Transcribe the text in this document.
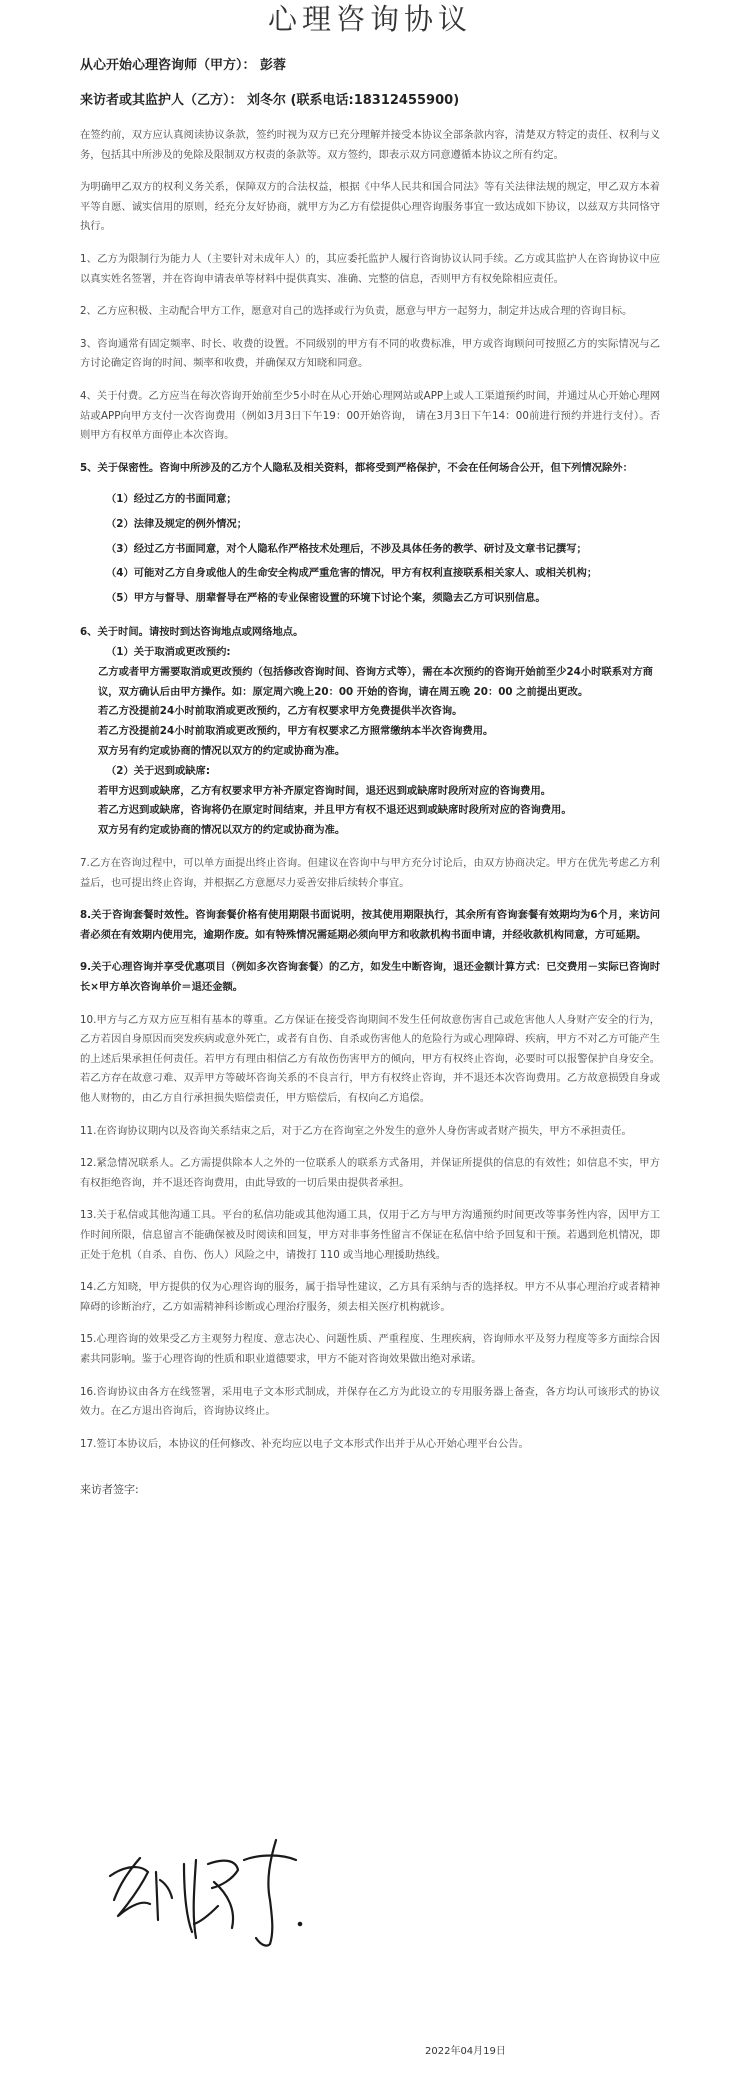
心理咨询协议
从心开始心理咨询师（甲方）： 彭蓉
来访者或其监护人（乙方）： 刘冬尔 (联系电话:18312455900)

在签约前，双方应认真阅读协议条款，签约时视为双方已充分理解并接受本协议全部条款内容，清楚双方特定的责任、权利与义务，包括其中所涉及的免除及限制双方权责的条款等。双方签约，即表示双方同意遵循本协议之所有约定。

为明确甲乙双方的权利义务关系，保障双方的合法权益，根据《中华人民共和国合同法》等有关法律法规的规定，甲乙双方本着平等自愿、诚实信用的原则，经充分友好协商，就甲方为乙方有偿提供心理咨询服务事宜一致达成如下协议，以兹双方共同恪守执行。

1、乙方为限制行为能力人（主要针对未成年人）的，其应委托监护人履行咨询协议认同手续。乙方或其监护人在咨询协议中应以真实姓名签署，并在咨询申请表单等材料中提供真实、准确、完整的信息，否则甲方有权免除相应责任。

2、乙方应积极、主动配合甲方工作，愿意对自己的选择或行为负责，愿意与甲方一起努力，制定并达成合理的咨询目标。

3、咨询通常有固定频率、时长、收费的设置。不同级别的甲方有不同的收费标准，甲方或咨询顾问可按照乙方的实际情况与乙方讨论确定咨询的时间、频率和收费，并确保双方知晓和同意。

4、关于付费。乙方应当在每次咨询开始前至少5小时在从心开始心理网站或APP上或人工渠道预约时间，并通过从心开始心理网站或APP向甲方支付一次咨询费用（例如3月3日下午19：00开始咨询， 请在3月3日下午14：00前进行预约并进行支付）。否则甲方有权单方面停止本次咨询。

5、关于保密性。咨询中所涉及的乙方个人隐私及相关资料，都将受到严格保护，不会在任何场合公开，但下列情况除外：

（1）经过乙方的书面同意；
（2）法律及规定的例外情况；
（3）经过乙方书面同意，对个人隐私作严格技术处理后，不涉及具体任务的教学、研讨及文章书记撰写；
（4）可能对乙方自身或他人的生命安全构成严重危害的情况，甲方有权利直接联系相关家人、或相关机构；
（5）甲方与督导、朋辈督导在严格的专业保密设置的环境下讨论个案，须隐去乙方可识别信息。
6、关于时间。请按时到达咨询地点或网络地点。
（1）关于取消或更改预约:
乙方或者甲方需要取消或更改预约（包括修改咨询时间、咨询方式等），需在本次预约的咨询开始前至少24小时联系对方商议，双方确认后由甲方操作。如：原定周六晚上20：00 开始的咨询，请在周五晚 20：00 之前提出更改。
若乙方没提前24小时前取消或更改预约，乙方有权要求甲方免费提供半次咨询。
若乙方没提前24小时前取消或更改预约，甲方有权要求乙方照常缴纳本半次咨询费用。
双方另有约定或协商的情况以双方的约定或协商为准。
（2）关于迟到或缺席:
若甲方迟到或缺席，乙方有权要求甲方补齐原定咨询时间，退还迟到或缺席时段所对应的咨询费用。
若乙方迟到或缺席，咨询将仍在原定时间结束，并且甲方有权不退还迟到或缺席时段所对应的咨询费用。
双方另有约定或协商的情况以双方的约定或协商为准。

7.乙方在咨询过程中，可以单方面提出终止咨询。但建议在咨询中与甲方充分讨论后，由双方协商决定。甲方在优先考虑乙方利益后，也可提出终止咨询，并根据乙方意愿尽力妥善安排后续转介事宜。

8.关于咨询套餐时效性。咨询套餐价格有使用期限书面说明，按其使用期限执行，其余所有咨询套餐有效期均为6个月，来访问者必须在有效期内使用完，逾期作废。如有特殊情况需延期必须向甲方和收款机构书面申请，并经收款机构同意，方可延期。

9.关于心理咨询并享受优惠项目（例如多次咨询套餐）的乙方，如发生中断咨询，退还金额计算方式：已交费用－实际已咨询时长×甲方单次咨询单价＝退还金额。

10.甲方与乙方双方应互相有基本的尊重。乙方保证在接受咨询期间不发生任何故意伤害自己或危害他人人身财产安全的行为，乙方若因自身原因而突发疾病或意外死亡，或者有自伤、自杀或伤害他人的危险行为或心理障碍、疾病，甲方不对乙方可能产生的上述后果承担任何责任。若甲方有理由相信乙方有故伤伤害甲方的倾向，甲方有权终止咨询，必要时可以报警保护自身安全。若乙方存在故意刁难、双弄甲方等破坏咨询关系的不良言行，甲方有权终止咨询，并不退还本次咨询费用。乙方故意损毁自身或他人财物的，由乙方自行承担损失赔偿责任，甲方赔偿后，有权向乙方追偿。

11.在咨询协议期内以及咨询关系结束之后，对于乙方在咨询室之外发生的意外人身伤害或者财产损失，甲方不承担责任。

12.紧急情况联系人。乙方需提供除本人之外的一位联系人的联系方式备用，并保证所提供的信息的有效性；如信息不实，甲方有权拒绝咨询，并不退还咨询费用，由此导致的一切后果由提供者承担。

13.关于私信或其他沟通工具。平台的私信功能或其他沟通工具，仅用于乙方与甲方沟通预约时间更改等事务性内容，因甲方工作时间所限，信息留言不能确保被及时阅读和回复，甲方对非事务性留言不保证在私信中给予回复和干预。若遇到危机情况，即正处于危机（自杀、自伤、伤人）风险之中，请拨打 110 或当地心理援助热线。

14.乙方知晓，甲方提供的仅为心理咨询的服务，属于指导性建议，乙方具有采纳与否的选择权。甲方不从事心理治疗或者精神障碍的诊断治疗，乙方如需精神科诊断或心理治疗服务，须去相关医疗机构就诊。

15.心理咨询的效果受乙方主观努力程度、意志决心、问题性质、严重程度、生理疾病，咨询师水平及努力程度等多方面综合因素共同影响。鉴于心理咨询的性质和职业道德要求，甲方不能对咨询效果做出绝对承诺。

16.咨询协议由各方在线签署，采用电子文本形式制成，并保存在乙方为此设立的专用服务器上备查，各方均认可该形式的协议效力。在乙方退出咨询后，咨询协议终止。

17.签订本协议后，本协议的任何修改、补充均应以电子文本形式作出并于从心开始心理平台公告。

来访者签字:
2022年04月19日
